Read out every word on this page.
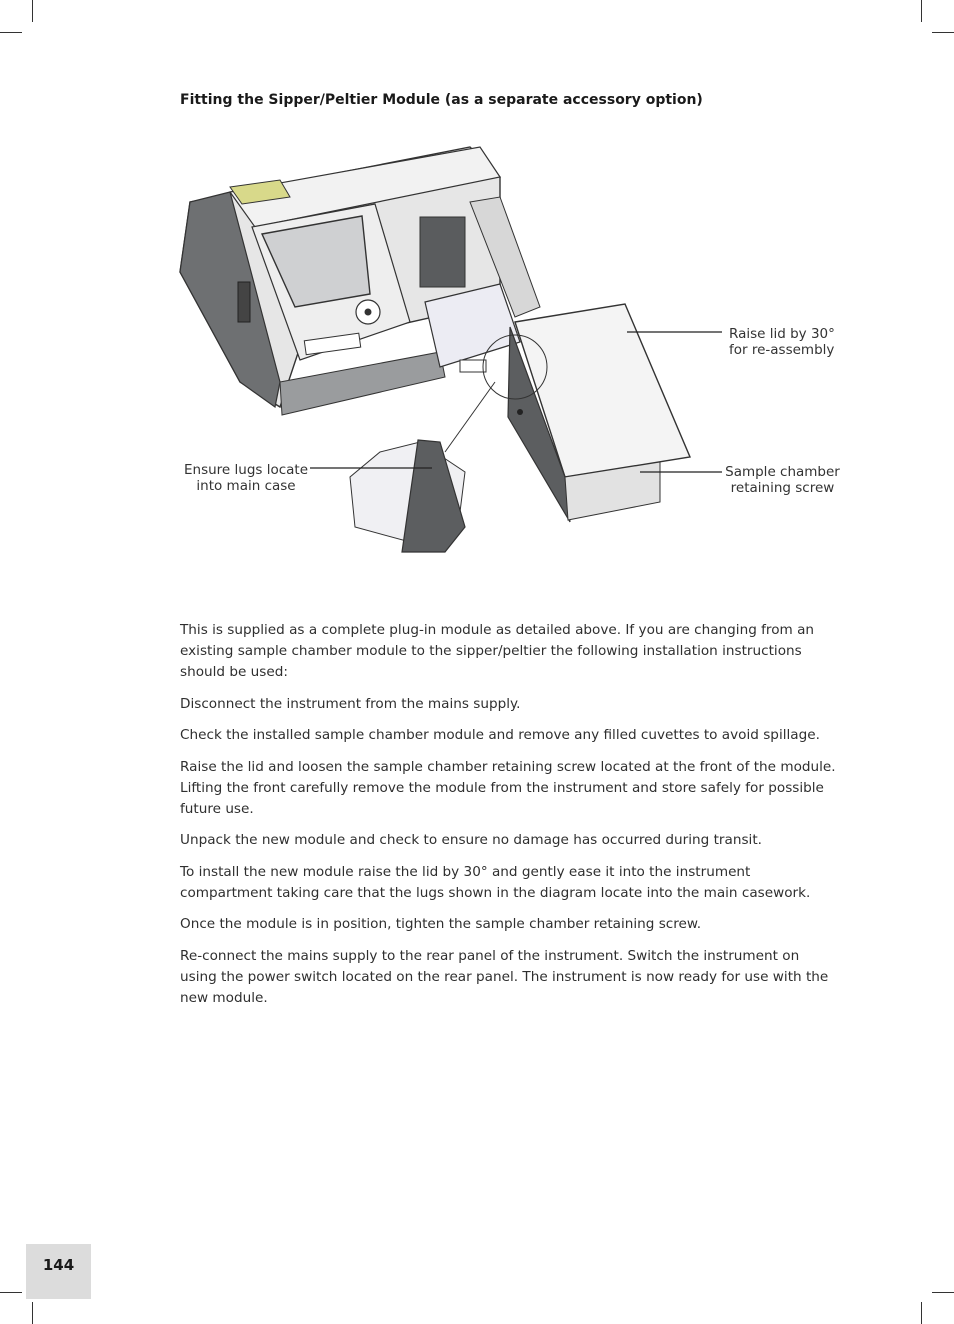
Fitting the Sipper/Peltier Module (as a separate accessory option)

Raise lid by 30°
for re-assembly

Ensure lugs locate
into main case

Sample chamber
retaining screw

This is supplied as a complete plug-in module as detailed above. If you are changing from an existing sample chamber module to the sipper/peltier the following installation instructions should be used:

Disconnect the instrument from the mains supply.

Check the installed sample chamber module and remove any filled cuvettes to avoid spillage.

Raise the lid and loosen the sample chamber retaining screw located at the front of the module. Lifting the front carefully remove the module from the instrument and store safely for possible future use.

Unpack the new module and check to ensure no damage has occurred during transit.

To install the new module raise the lid by 30° and gently ease it into the instrument compartment taking care that the lugs shown in the diagram locate into the main casework.

Once the module is in position, tighten the sample chamber retaining screw.

Re-connect the mains supply to the rear panel of the instrument. Switch the instrument on using the power switch located on the rear panel. The instrument is now ready for use with the new module.

144
